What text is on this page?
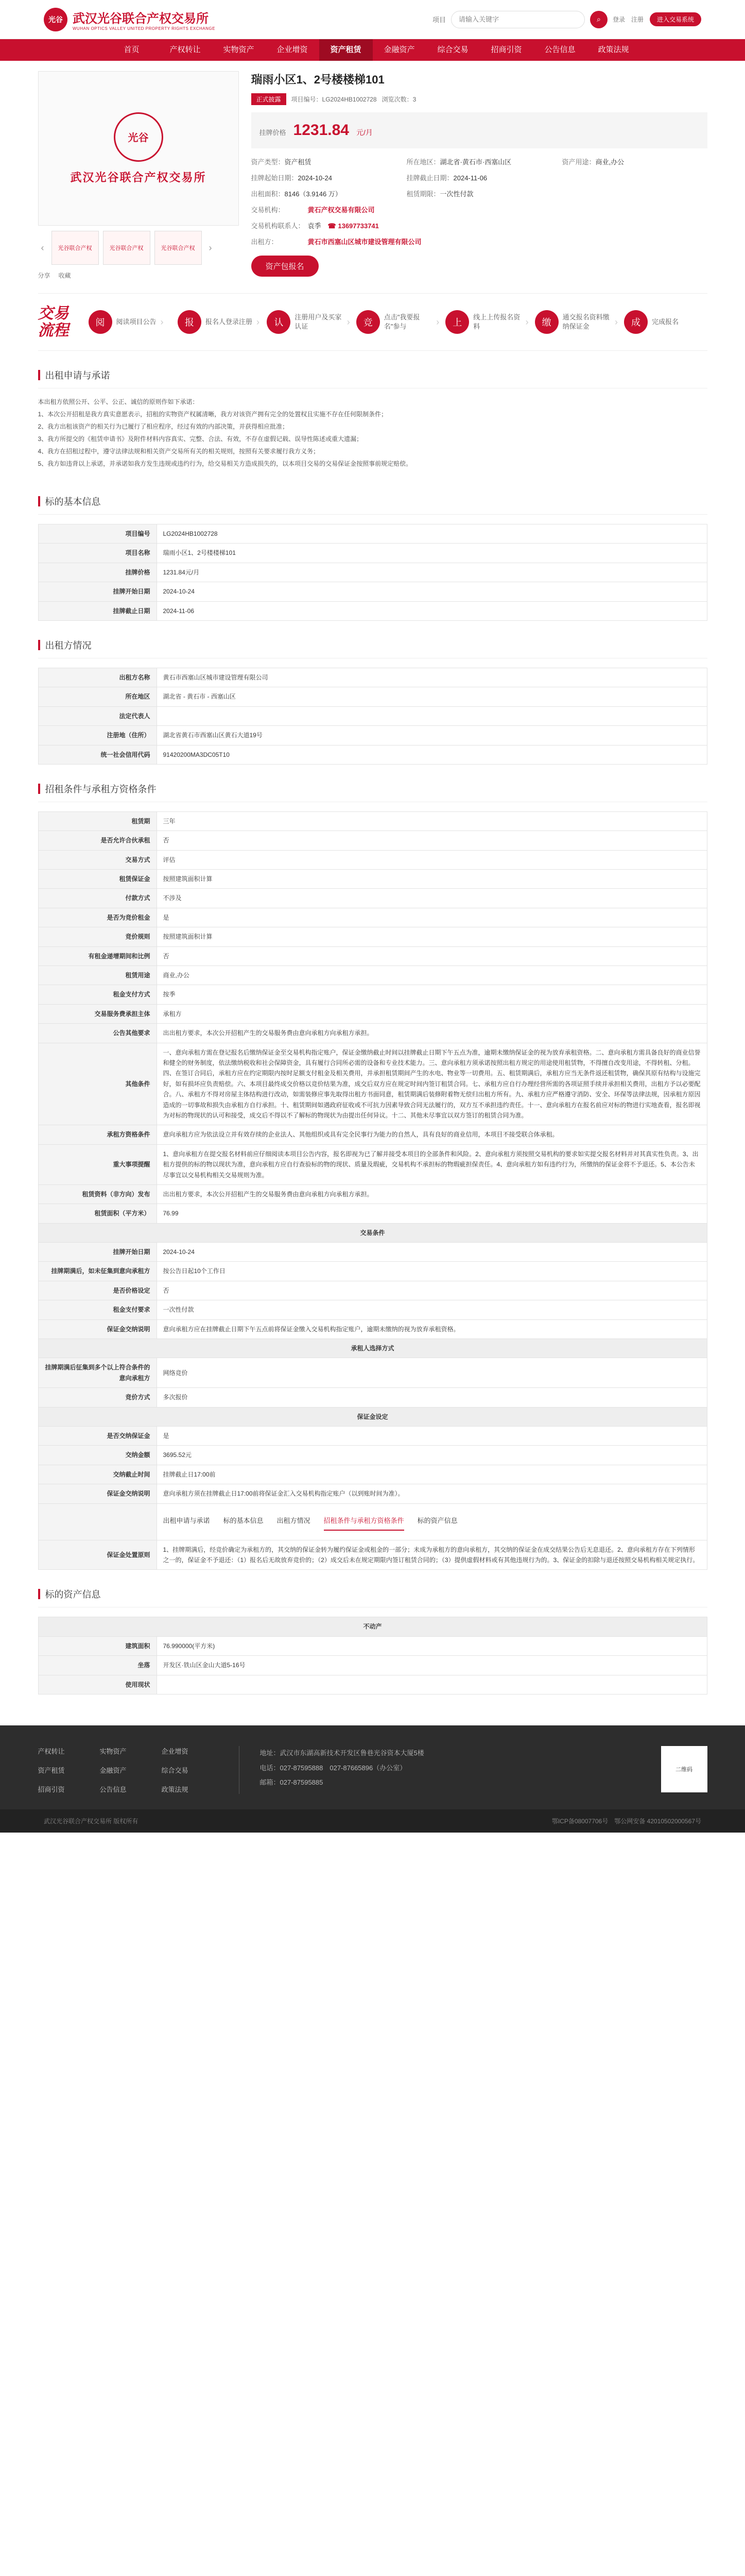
光谷 武汉光谷联合产权交易所
WUHAN OPTICS VALLEY UNITED PROPERTY RIGHTS EXCHANGE
项目
请输入关键字	⌕	登录 注册	进入交易系统
首页	产权转让	实物资产	企业增资	资产租赁	金融资产	综合交易	招商引资	公告信息	政策法规
光谷
武汉光谷联合产权交易所
‹	光谷联合产权	光谷联合产权	光谷联合产权	›
分享 收藏
瑞雨小区1、2号楼楼梯101
正式披露	项目编号：LG2024HB1002728 浏览次数：3
挂牌价格 1231.84 元/月
资产类型：资产租赁	所在地区：湖北省·黄石市·西塞山区	资产用途：商业,办公
挂牌起始日期：2024-10-24	挂牌截止日期：2024-11-06
出租面积：8146（3.9146 万）	租赁期限：一次性付款
交易机构：	黄石产权交易有限公司
交易机构联系人： 袁季　 ☎ 13697733741
出租方：	黄石市西塞山区城市建设管理有限公司
资产包报名
交易流程	阅	阅读项目公告 ›	报	报名人登录注册 ›	认
注册用户及买家认证	›	竞
点击"我要报名"参与	›	上
线上上传报名资料	›	缴
通交报名资料缴纳保证金	›	成	完成报名
出租申请与承诺
本出租方依照公开、公平、公正、诚信的原则作如下承诺：
1、本次公开招租是我方真实意愿表示，招租的实物资产权属清晰，我方对该资产拥有完全的处置权且实施不存在任何限制条件；
2、我方出租该资产的相关行为已履行了相应程序，经过有效的内部决策，并获得相应批准；
3、我方所提交的《租赁申请书》及附件材料内容真实、完整、合法、有效，不存在虚假记载、误导性陈述或重大遗漏；
4、我方在招租过程中，遵守法律法规和相关资产交易所有关的相关规则，按照有关要求履行我方义务；
5、我方如违背以上承诺，并承诺如我方发生违规或违约行为，给交易相关方造成损失的，以本项目交易的交易保证金按照事前规定赔偿。
标的基本信息
项目编号	LG2024HB1002728
项目名称	瑞雨小区1、2号楼楼梯101
挂牌价格	1231.84元/月
挂牌开始日期	2024-10-24
挂牌截止日期	2024-11-06
出租方情况
出租方名称	黄石市西塞山区城市建设管理有限公司
所在地区	湖北省 - 黄石市 - 西塞山区
法定代表人	
注册地（住所）	湖北省黄石市西塞山区黄石大道19号
统一社会信用代码	91420200MA3DC05T10
招租条件与承租方资格条件
租赁期	三年
是否允许合伙承租	否
交易方式	评估
租赁保证金	按照建筑面积计算
付款方式	不涉及
是否为竞价租金	是
竞价规则	按照建筑面积计算
有租金递增期间和比例	否
租赁用途	商业,办公
租金支付方式	按季
交易服务费承担主体	承租方
公告其他要求	出出租方要求，本次公开招租产生的交易服务费由意向承租方向承租方承担。
其他条件	一、意向承租方需在登记报名后缴纳保证金至交易机构指定账户，保证金缴纳截止时间以挂牌截止日期下午五点为准，逾期未缴纳保证金的视为放弃承租资格。二、意向承租方需具备良好的商业信誉和健全的财务制度，依法缴纳税收和社会保障资金，具有履行合同所必需的设备和专业技术能力。三、意向承租方须承诺按照出租方规定的用途使用租赁物，不得擅自改变用途，不得转租、分租。四、在签订合同后，承租方应在约定期限内按时足额支付租金及相关费用，并承担租赁期间产生的水电、物业等一切费用。五、租赁期满后，承租方应当无条件返还租赁物，确保其原有结构与设施完好，如有损坏应负责赔偿。六、本项目最终成交价格以竞价结果为准，成交后双方应在规定时间内签订租赁合同。七、承租方应自行办理经营所需的各项证照手续并承担相关费用，出租方予以必要配合。八、承租方不得对房屋主体结构进行改动，如需装修应事先取得出租方书面同意，租赁期满后装修附着物无偿归出租方所有。九、承租方应严格遵守消防、安全、环保等法律法规，因承租方原因造成的一切事故和损失由承租方自行承担。十、租赁期间如遇政府征收或不可抗力因素导致合同无法履行的，双方互不承担违约责任。十一、意向承租方在报名前应对标的物进行实地查看，报名即视为对标的物现状的认可和接受，成交后不得以不了解标的物现状为由提出任何异议。十二、其他未尽事宜以双方签订的租赁合同为准。
承租方资格条件	意向承租方应为依法设立并有效存续的企业法人、其他组织或具有完全民事行为能力的自然人，具有良好的商业信用，本项目不接受联合体承租。
重大事项提醒	1、意向承租方在提交报名材料前应仔细阅读本项目公告内容，报名即视为已了解并接受本项目的全部条件和风险。2、意向承租方须按照交易机构的要求如实提交报名材料并对其真实性负责。3、出租方提供的标的物以现状为准，意向承租方应自行查验标的物的现状、质量及瑕疵，交易机构不承担标的物瑕疵担保责任。4、意向承租方如有违约行为，所缴纳的保证金将不予退还。5、本公告未尽事宜以交易机构相关交易规则为准。
租赁资料（非方向）发布	出出租方要求，本次公开招租产生的交易服务费由意向承租方向承租方承担。
租赁面积（平方米）	76.99
交易条件	
挂牌开始日期	2024-10-24
挂牌期满后，如未征集到意向承租方	按公告日起10个工作日
是否价格设定	否
租金支付要求	一次性付款
保证金交纳说明	意向承租方应在挂牌截止日期下午五点前将保证金缴入交易机构指定账户，逾期未缴纳的视为放弃承租资格。
承租人选择方式	
挂牌期满后征集到多个以上符合条件的意向承租方	网络竞价
竞价方式	多次报价
保证金设定	
是否交纳保证金	是
交纳金额	3695.52元
交纳截止时间	挂牌截止日17:00前
保证金交纳说明	意向承租方须在挂牌截止日17:00前将保证金汇入交易机构指定账户（以到账时间为准）。

	出租申请与承诺 标的基本信息 出租方情况 招租条件与承租方资格条件 标的资产信息

保证金处置原则	1、挂牌期满后，经竞价确定为承租方的，其交纳的保证金转为履约保证金或租金的一部分；未成为承租方的意向承租方，其交纳的保证金在成交结果公告后无息退还。2、意向承租方存在下列情形之一的，保证金不予退还：（1）报名后无故放弃竞价的；（2）成交后未在规定期限内签订租赁合同的；（3）提供虚假材料或有其他违规行为的。3、保证金的扣除与退还按照交易机构相关规定执行。
标的资产信息
不动产	
建筑面积	76.990000(平方米)
坐落	开发区·铁山区金山大道5-16号
使用现状	
产权转让	实物资产	企业增资
资产租赁	金融资产	综合交易
招商引资	公告信息	政策法规
地址：武汉市东湖高新技术开发区鲁巷光谷资本大厦5楼
电话：027-87595888　027-87665896（办公室）
邮箱：027-87595885
二维码
武汉光谷联合产权交易所 版权所有	鄂ICP备08007706号　鄂公网安备 42010502000567号
